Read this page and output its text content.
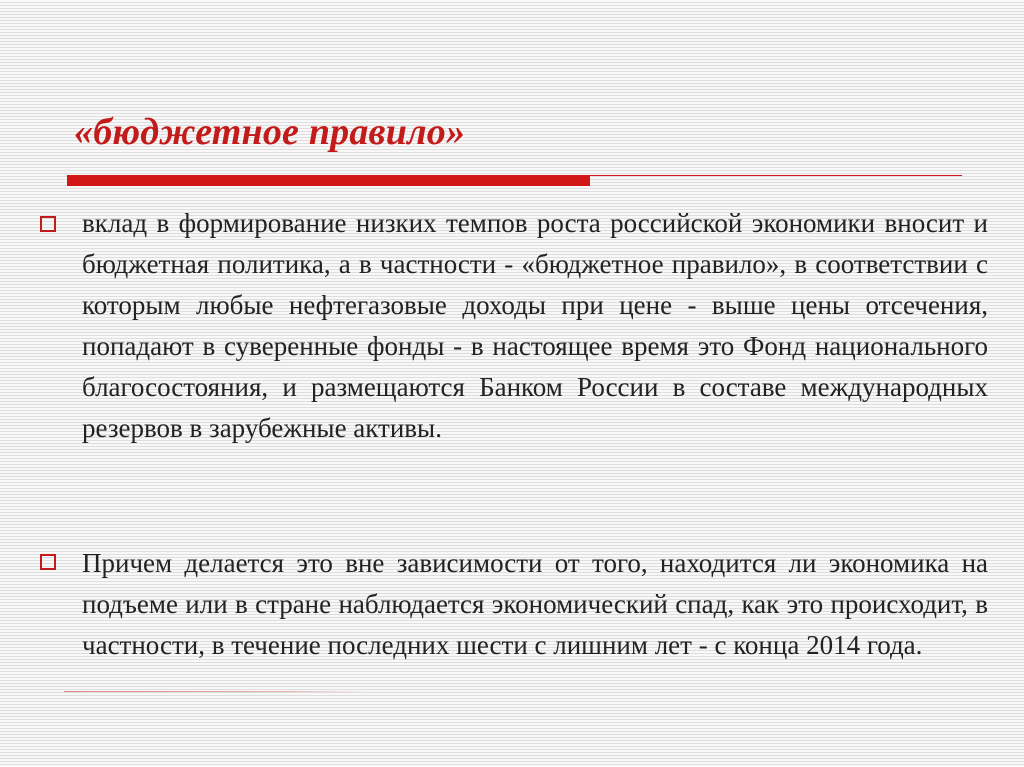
«бюджетное правило»

вклад в формирование низких темпов роста российской экономики вносит и бюджетная политика, а в частности - «бюджетное правило», в соответствии с которым любые нефтегазовые доходы при цене - выше цены отсечения, попадают в суверенные фонды - в настоящее время это Фонд национального благосостояния, и размещаются Банком России в составе международных резервов в зарубежные активы.

Причем делается это вне зависимости от того, находится ли экономика на подъеме или в стране наблюдается экономический спад, как это происходит, в частности, в течение последних шести с лишним лет - с конца 2014 года.
